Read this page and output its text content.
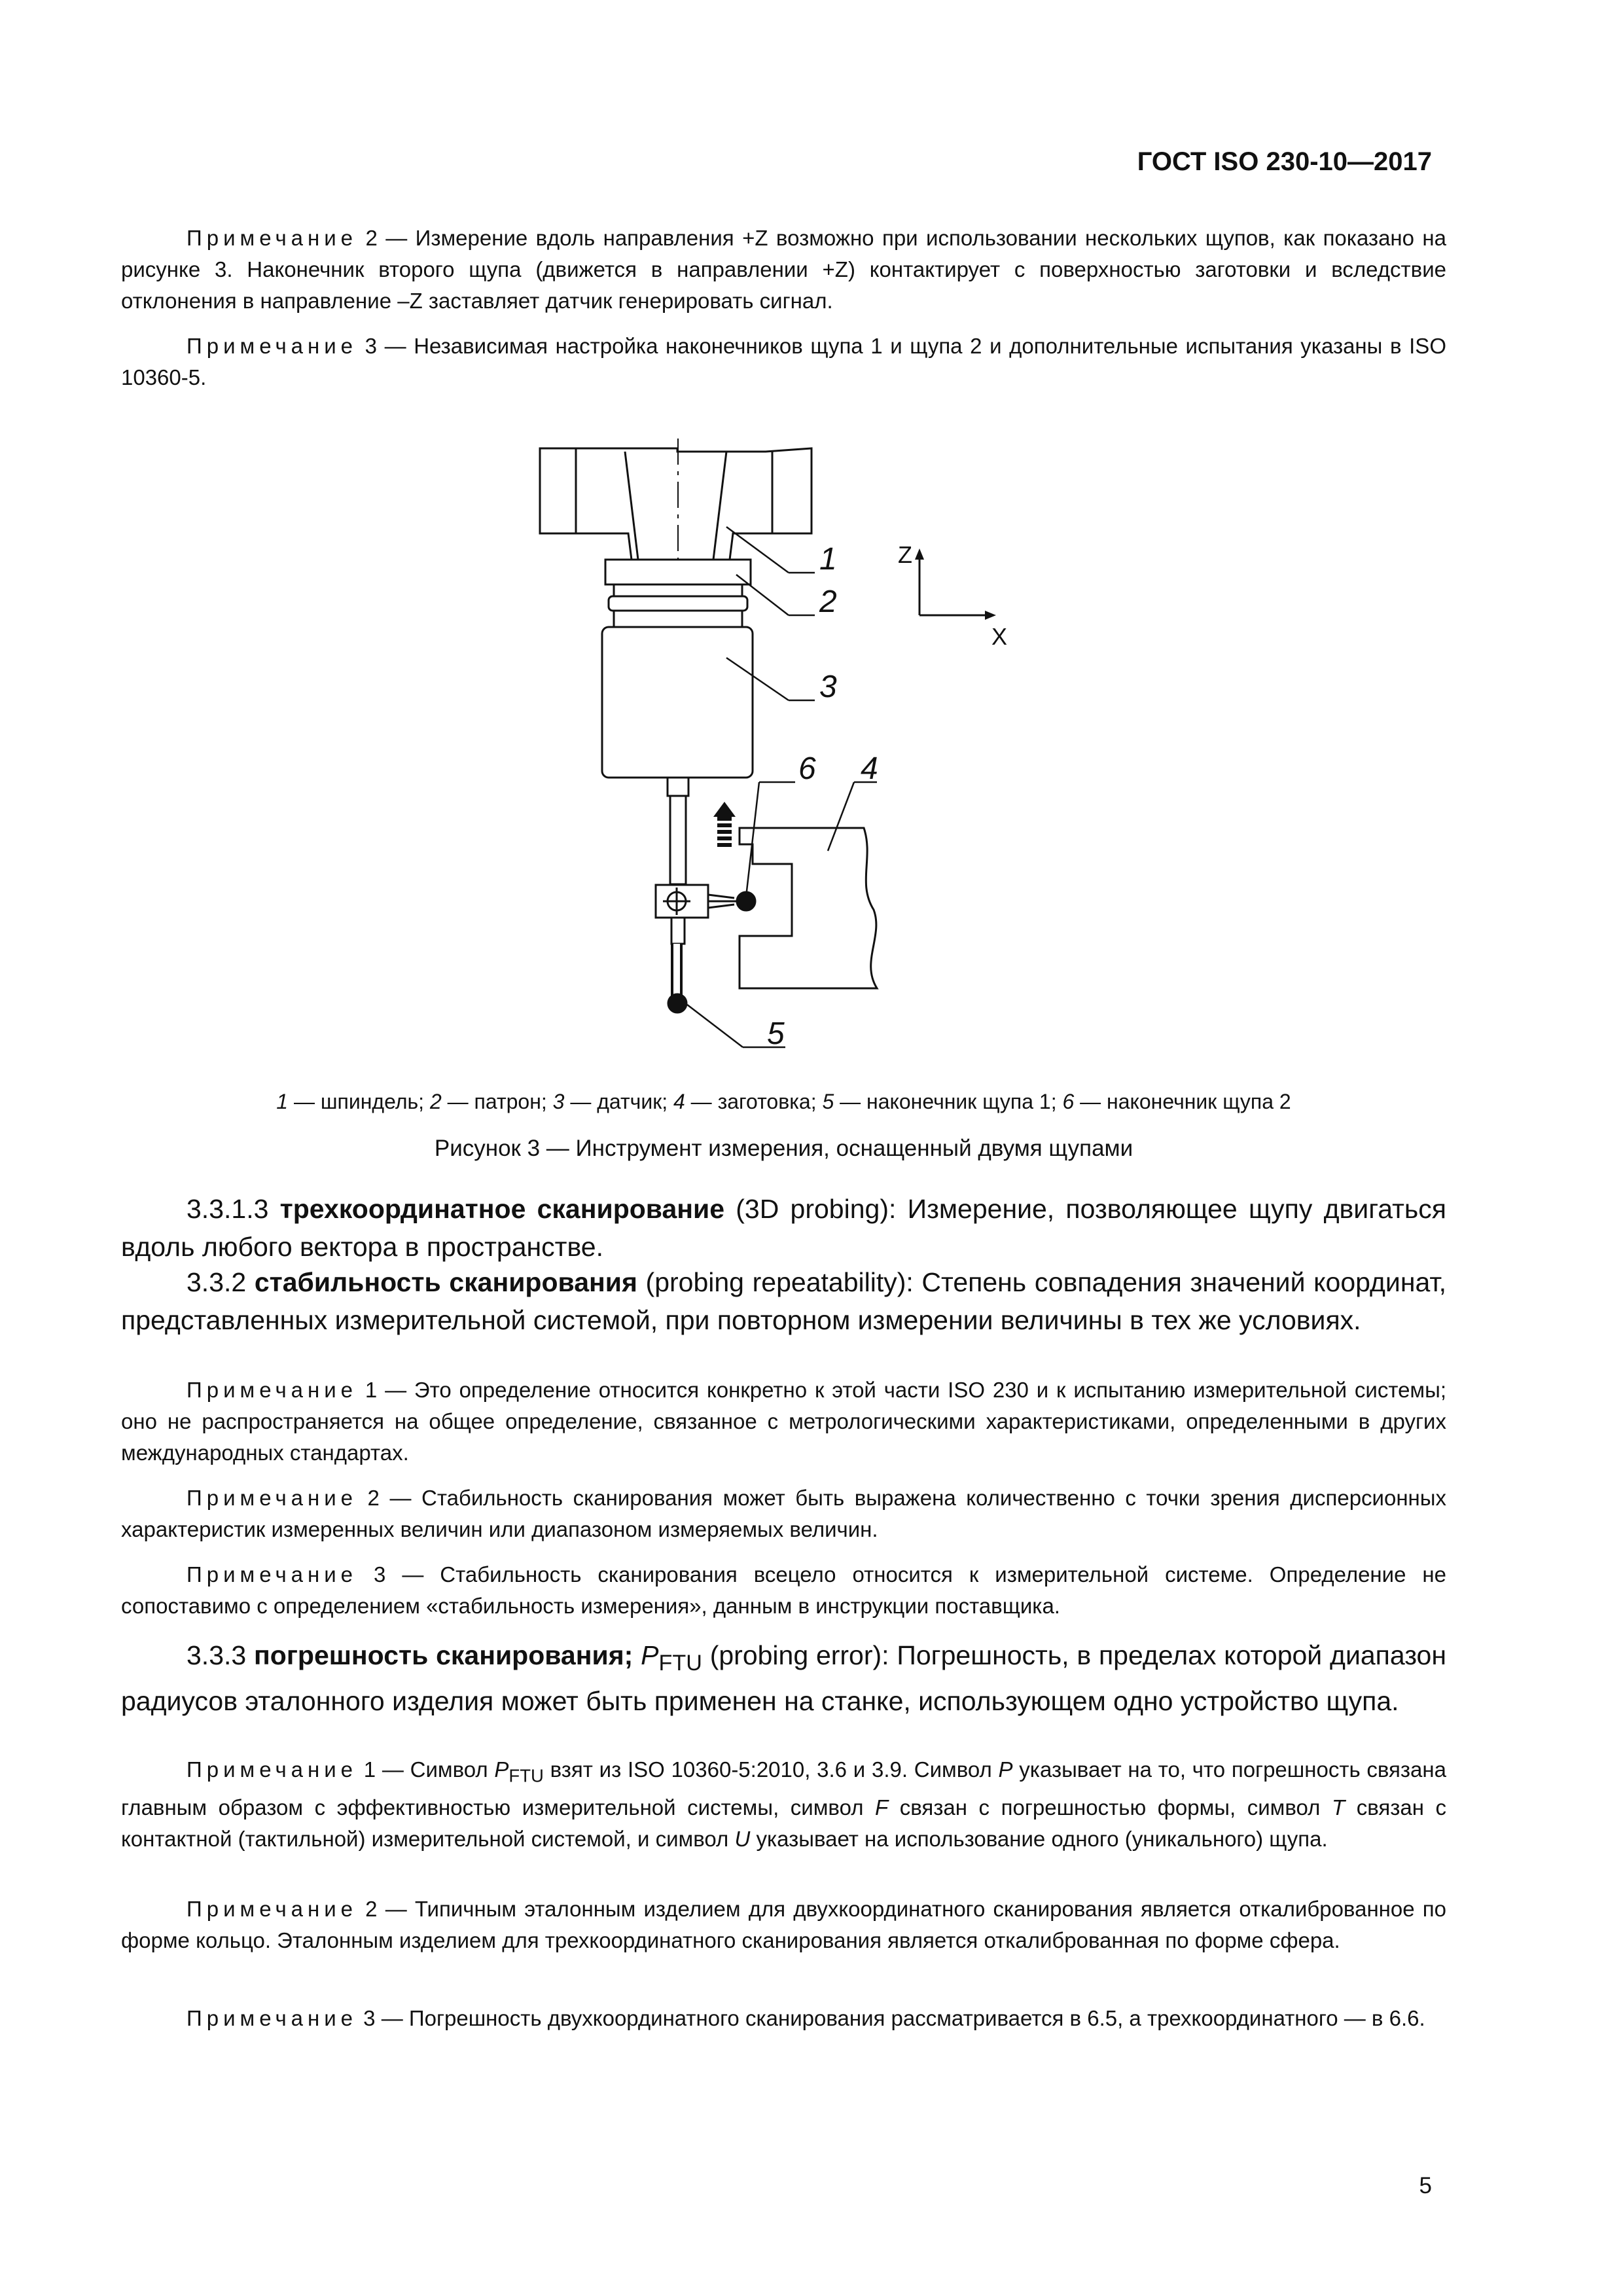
ГОСТ ISO 230-10—2017

Примечание 2 — Измерение вдоль направления +Z возможно при использовании нескольких щупов, как показано на рисунке 3. Наконечник второго щупа (движется в направлении +Z) контактирует с поверхностью заготовки и вследствие отклонения в направление –Z заставляет датчик генерировать сигнал.

Примечание 3 — Независимая настройка наконечников щупа 1 и щупа 2 и дополнительные испытания указаны в ISO 10360-5.

1
2
3
6 4
5
Z
X
1 — шпиндель; 2 — патрон; 3 — датчик; 4 — заготовка; 5 — наконечник щупа 1; 6 — наконечник щупа 2
Рисунок 3 — Инструмент измерения, оснащенный двумя щупами

3.3.1.3 трехкоординатное сканирование (3D probing): Измерение, позволяющее щупу двигаться вдоль любого вектора в пространстве.

3.3.2 стабильность сканирования (probing repeatability): Степень совпадения значений координат, представленных измерительной системой, при повторном измерении величины в тех же условиях.

Примечание 1 — Это определение относится конкретно к этой части ISO 230 и к испытанию измерительной системы; оно не распространяется на общее определение, связанное с метрологическими характеристиками, определенными в других международных стандартах.

Примечание 2 — Стабильность сканирования может быть выражена количественно с точки зрения дисперсионных характеристик измеренных величин или диапазоном измеряемых величин.

Примечание 3 — Стабильность сканирования всецело относится к измерительной системе. Определение не сопоставимо с определением «стабильность измерения», данным в инструкции поставщика.

3.3.3 погрешность сканирования; $P_{FTU}$ (probing error): Погрешность, в пределах которой диапазон радиусов эталонного изделия может быть применен на станке, использующем одно устройство щупа.

Примечание 1 — Символ $P_{FTU}$ взят из ISO 10360-5:2010, 3.6 и 3.9. Символ P указывает на то, что погрешность связана главным образом с эффективностью измерительной системы, символ F связан с погрешностью формы, символ T связан с контактной (тактильной) измерительной системой, и символ U указывает на использование одного (уникального) щупа.

Примечание 2 — Типичным эталонным изделием для двухкоординатного сканирования является откалиброванное по форме кольцо. Эталонным изделием для трехкоординатного сканирования является откалиброванная по форме сфера.

Примечание 3 — Погрешность двухкоординатного сканирования рассматривается в 6.5, а трехкоординатного — в 6.6.

5
